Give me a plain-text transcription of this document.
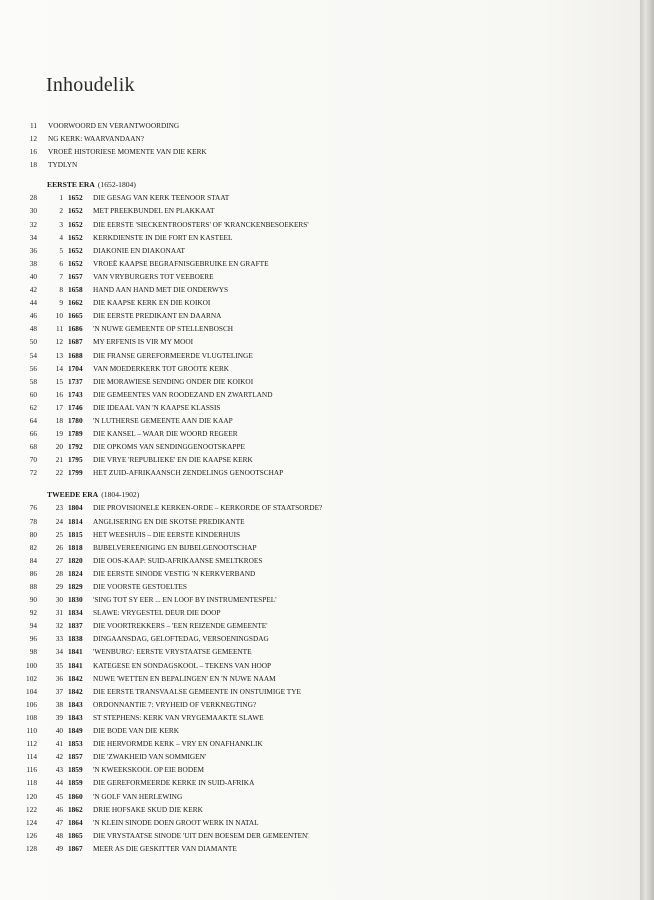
Inhoudelik
11 VOORWOORD EN VERANTWOORDING
12 NG KERK: WAARVANDAAN?
16 VROEË HISTORIESE MOMENTE VAN DIE KERK
18 TYDLYN
EERSTE ERA (1652-1804)
28	1 1652 DIE GESAG VAN KERK TEENOOR STAAT
30	2 1652 MET PREEKBUNDEL EN PLAKKAAT
32	3 1652 DIE EERSTE 'SIECKENTROOSTERS' OF 'KRANCKENBESOEKERS'
34	4 1652 KERKDIENSTE IN DIE FORT EN KASTEEL
36	5 1652 DIAKONIE EN DIAKONAAT
38	6 1652 VROEË KAAPSE BEGRAFNISGEBRUIKE EN GRAFTE
40	7 1657 VAN VRYBURGERS TOT VEEBOERE
42	8 1658 HAND AAN HAND MET DIE ONDERWYS
44	9 1662 DIE KAAPSE KERK EN DIE KOIKOI
46	10 1665 DIE EERSTE PREDIKANT EN DAARNA
48	11 1686 'N NUWE GEMEENTE OP STELLENBOSCH
50	12 1687 MY ERFENIS IS VIR MY MOOI
54	13 1688 DIE FRANSE GEREFORMEERDE VLUGTELINGE
56	14 1704 VAN MOEDERKERK TOT GROOTE KERK
58	15 1737 DIE MORAWIESE SENDING ONDER DIE KOIKOI
60	16 1743 DIE GEMEENTES VAN ROODEZAND EN ZWARTLAND
62	17 1746 DIE IDEAAL VAN 'N KAAPSE KLASSIS
64	18 1780 'N LUTHERSE GEMEENTE AAN DIE KAAP
66	19 1789 DIE KANSEL – WAAR DIE WOORD REGEER
68	20 1792 DIE OPKOMS VAN SENDINGGENOOTSKAPPE
70	21 1795 DIE VRYE 'REPUBLIEKE' EN DIE KAAPSE KERK
72	22 1799 HET ZUID-AFRIKAANSCH ZENDELINGS GENOOTSCHAP
TWEEDE ERA (1804-1902)
76	23 1804 DIE PROVISIONELE KERKEN-ORDE – KERKORDE OF STAATSORDE?
78	24 1814 ANGLISERING EN DIE SKOTSE PREDIKANTE
80	25 1815 HET WEESHUIS – DIE EERSTE KINDERHUIS
82	26 1818 BIJBELVEREENIGING EN BIJBELGENOOTSCHAP
84	27 1820 DIE OOS-KAAP: SUID-AFRIKAANSE SMELTKROES
86	28 1824 DIE EERSTE SINODE VESTIG 'N KERKVERBAND
88	29 1829 DIE VOORSTE GESTOELTES
90	30 1830 'SING TOT SY EER ... EN LOOF BY INSTRUMENTESPEL'
92	31 1834 SLAWE: VRYGESTEL DEUR DIE DOOP
94	32 1837 DIE VOORTREKKERS – 'EEN REIZENDE GEMEENTE'
96	33 1838 DINGAANSDAG, GELOFTEDAG, VERSOENINGSDAG
98	34 1841 'WENBURG': EERSTE VRYSTAATSE GEMEENTE
100	35 1841 KATEGESE EN SONDAGSKOOL – TEKENS VAN HOOP
102	36 1842 NUWE 'WETTEN EN BEPALINGEN' EN 'N NUWE NAAM
104	37 1842 DIE EERSTE TRANSVAALSE GEMEENTE IN ONSTUIMIGE TYE
106	38 1843 ORDONNANTIE 7: VRYHEID OF VERKNEGTING?
108	39 1843 ST STEPHENS: KERK VAN VRYGEMAAKTE SLAWE
110	40 1849 DIE BODE VAN DIE KERK
112	41 1853 DIE HERVORMDE KERK – VRY EN ONAFHANKLIK
114	42 1857 DIE 'ZWAKHEID VAN SOMMIGEN'
116	43 1859 'N KWEEKSKOOL OP EIE BODEM
118	44 1859 DIE GEREFORMEERDE KERKE IN SUID-AFRIKA
120	45 1860 'N GOLF VAN HERLEWING
122	46 1862 DRIE HOFSAKE SKUD DIE KERK
124	47 1864 'N KLEIN SINODE DOEN GROOT WERK IN NATAL
126	48 1865 DIE VRYSTAATSE SINODE 'UIT DEN BOESEM DER GEMEENTEN'
128	49 1867 MEER AS DIE GESKITTER VAN DIAMANTE
